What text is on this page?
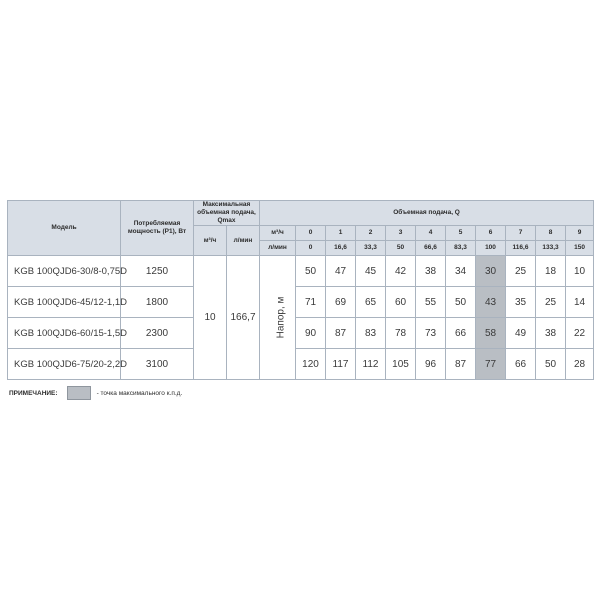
Модель	Потребляемая мощность (P1), Вт	Максимальная объемная подача, Qmax		Объемная подача, Q										
		м³/ч	л/мин	м³/ч	0	1	2	3	4	5	6	7	8	9
				л/мин	0	16,6	33,3	50	66,6	83,3	100	116,6	133,3	150
KGB 100QJD6-30/8-0,75D	1250	10	166,7	Напор, м	50	47	45	42	38	34	30	25	18	10
KGB 100QJD6-45/12-1,1D	1800				71	69	65	60	55	50	43	35	25	14
KGB 100QJD6-60/15-1,5D	2300				90	87	83	78	73	66	58	49	38	22
KGB 100QJD6-75/20-2,2D	3100				120	117	112	105	96	87	77	66	50	28
ПРИМЕЧАНИЕ:	- точка максимального к.п.д.
